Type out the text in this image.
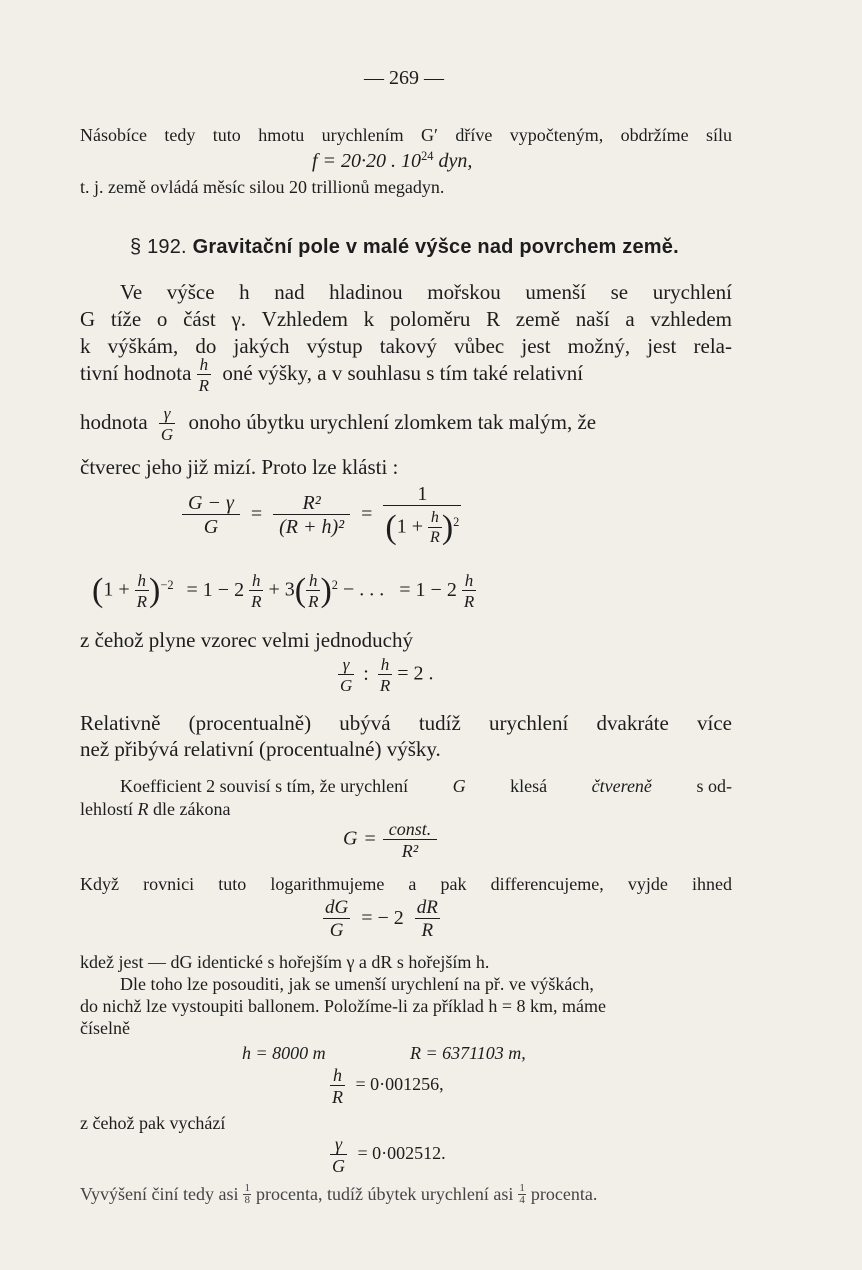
— 269 —
Násobíce tedy tuto hmotu urychlením G′ dříve vypočteným, obdržíme sílu
f = 20·20 . $10^{24}$ dyn,
t. j. země ovládá měsíc silou 20 trillionů megadyn.
§ 192. Gravitační pole v malé výšce nad povrchem země.
Ve výšce h nad hladinou mořskou umenší se urychlení
G tíže o část γ. Vzhledem k poloměru R země naší a vzhledem
k výškám, do jakých výstup takový vůbec jest možný, jest rela-
tivní hodnota $\frac{h}{R}$ oné výšky, a v souhlasu s tím také relativní
hodnota $\frac{\gamma}{G}$ onoho úbytku urychlení zlomkem tak malým, že
čtverec jeho již mizí. Proto lze klásti :
$\frac{G - \gamma}{G} = \frac{\text{R²}}{\text{(R + h)²}} = \frac{1}{(1 + \frac{h}{R} )^2}$
$(1 + \frac{h}{R} )^{-2} = 1 - 2 \frac{h}{R} + 3( \frac{h}{R} )^2$ − . . . = $1 - 2 \frac{h}{R}$
z čehož plyne vzorec velmi jednoduchý
$\frac{\gamma}{G}$ : $\frac{h}{R} = 2$ .
Relativně (procentualně) ubývá tudíž urychlení dvakráte více
než přibývá relativní (procentualné) výšky.
Koefficient 2 souvisí s tím, že urychlení G klesá čtvereně s od-
lehlostí R dle zákona
$G = \frac{\text{const.}}{\text{R²}}$
Když rovnici tuto logarithmujeme a pak differencujeme, vyjde ihned
$\frac{dG}{G}$ = − $2 \frac{dR}{R}$
kdež jest — dG identické s hořejším γ a dR s hořejším h.
Dle toho lze posouditi, jak se umenší urychlení na př. ve výškách,
do nichž lze vystoupiti ballonem. Položíme-li za příklad h = 8 km, máme
číselně
h = 8000 m	R = 6371103 m,
$\frac{h}{R} = 0\cdot 001256$,
z čehož pak vychází
$\frac{\gamma}{G} = 0\cdot 002512$.
Vyvýšení činí tedy asi $\frac{1}{8}$ procenta, tudíž úbytek urychlení asi $\frac{1}{4}$ procenta.
